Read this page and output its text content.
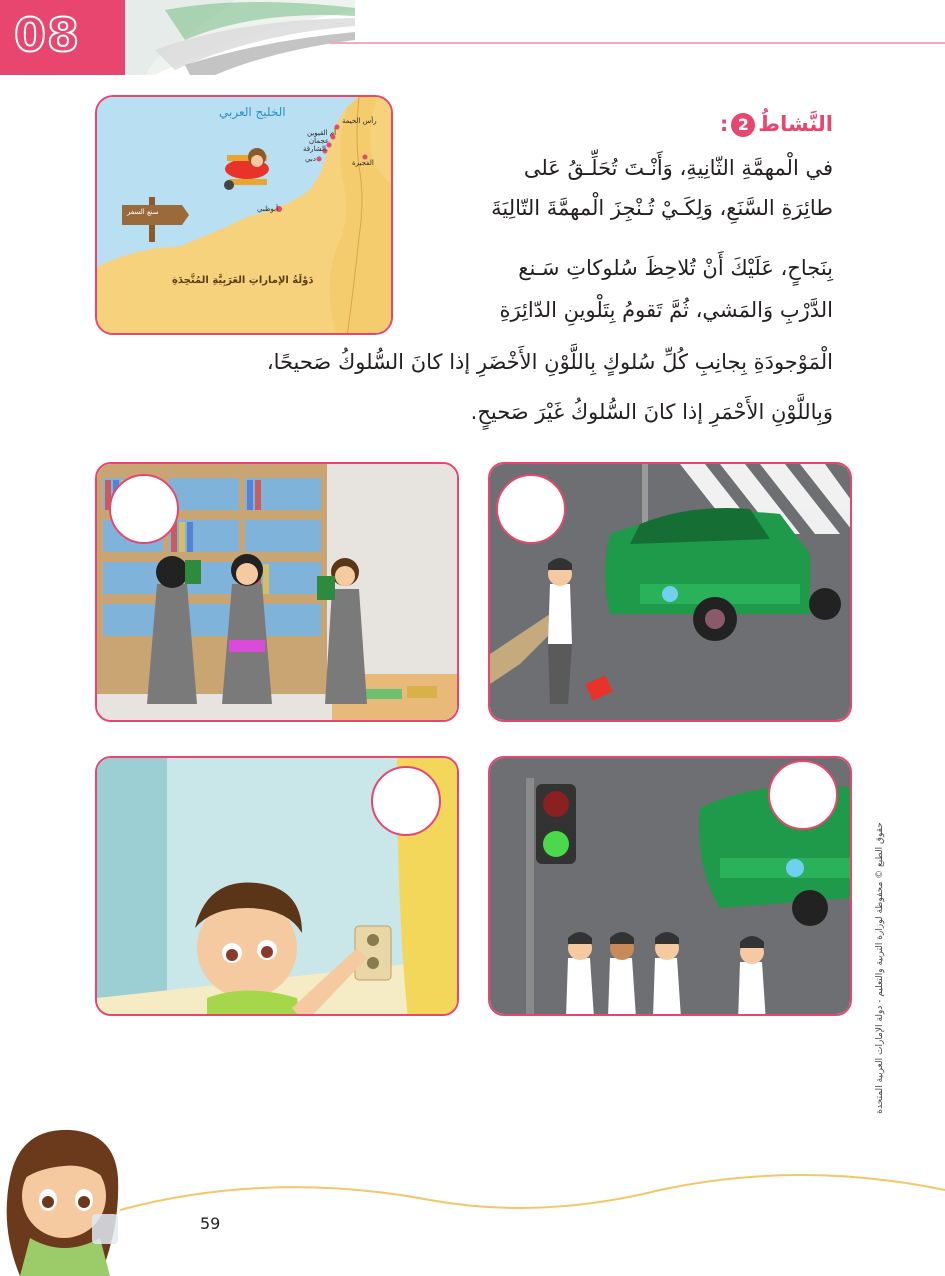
08
الخليج العربي
دَوْلَةُ الإماراتِ العَرَبِيَّةِ المُتَّحِدَةِ
رأس الخيمة
أم القيوين
عجمان
الشارقة
دبي	الفجيرة
أبوظبي
سنع السفر
النَّشاطُ2:
في الْمهمَّةِ الثّانِيةِ، وَأَنْـتَ تُحَلِّـقُ عَلى
طائِرَةِ السَّنَعِ، وَلِكَـيْ تُـنْجِزَ الْمهمَّةَ التّالِيَةَ
بِنَجاحٍ، عَلَيْكَ أَنْ تُلاحِظَ سُلوكاتِ سَـنع
الدَّرْبِ وَالمَشي، ثُمَّ تَقومُ بِتَلْوينِ الدّائِرَةِ
الْمَوْجودَةِ بِجانِبِ كُلِّ سُلوكٍ بِاللَّوْنِ الأَخْضَرِ إذا كانَ السُّلوكُ صَحيحًا،
وَبِاللَّوْنِ الأَحْمَرِ إذا كانَ السُّلوكُ غَيْرَ صَحيحٍ.
حقوق الطبع © محفوظة لوزارة التربية والتعليم - دولة الإمارات العربية المتحدة
59
